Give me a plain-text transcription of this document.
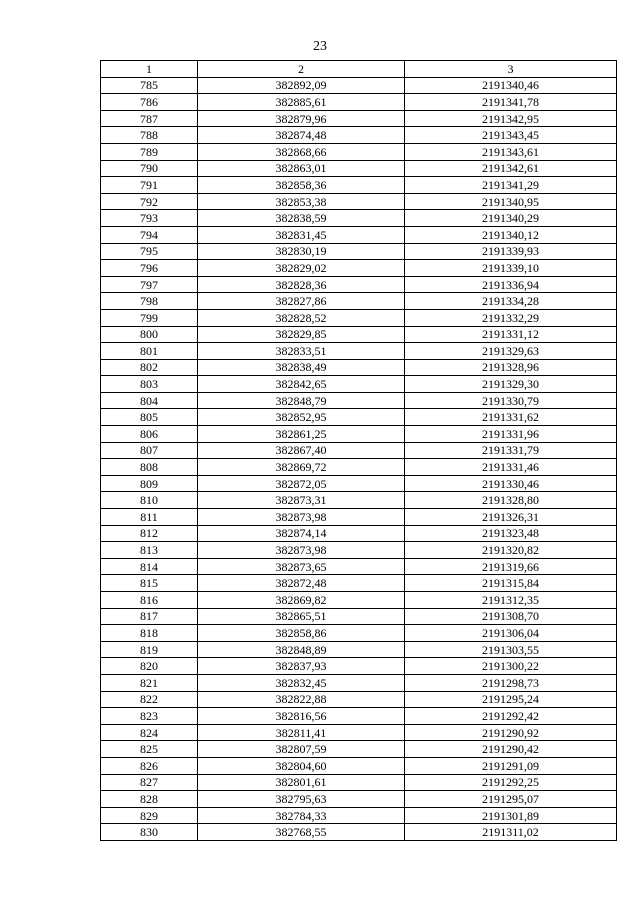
23
1	2	3
785	382892,09	2191340,46
786	382885,61	2191341,78
787	382879,96	2191342,95
788	382874,48	2191343,45
789	382868,66	2191343,61
790	382863,01	2191342,61
791	382858,36	2191341,29
792	382853,38	2191340,95
793	382838,59	2191340,29
794	382831,45	2191340,12
795	382830,19	2191339,93
796	382829,02	2191339,10
797	382828,36	2191336,94
798	382827,86	2191334,28
799	382828,52	2191332,29
800	382829,85	2191331,12
801	382833,51	2191329,63
802	382838,49	2191328,96
803	382842,65	2191329,30
804	382848,79	2191330,79
805	382852,95	2191331,62
806	382861,25	2191331,96
807	382867,40	2191331,79
808	382869,72	2191331,46
809	382872,05	2191330,46
810	382873,31	2191328,80
811	382873,98	2191326,31
812	382874,14	2191323,48
813	382873,98	2191320,82
814	382873,65	2191319,66
815	382872,48	2191315,84
816	382869,82	2191312,35
817	382865,51	2191308,70
818	382858,86	2191306,04
819	382848,89	2191303,55
820	382837,93	2191300,22
821	382832,45	2191298,73
822	382822,88	2191295,24
823	382816,56	2191292,42
824	382811,41	2191290,92
825	382807,59	2191290,42
826	382804,60	2191291,09
827	382801,61	2191292,25
828	382795,63	2191295,07
829	382784,33	2191301,89
830	382768,55	2191311,02
